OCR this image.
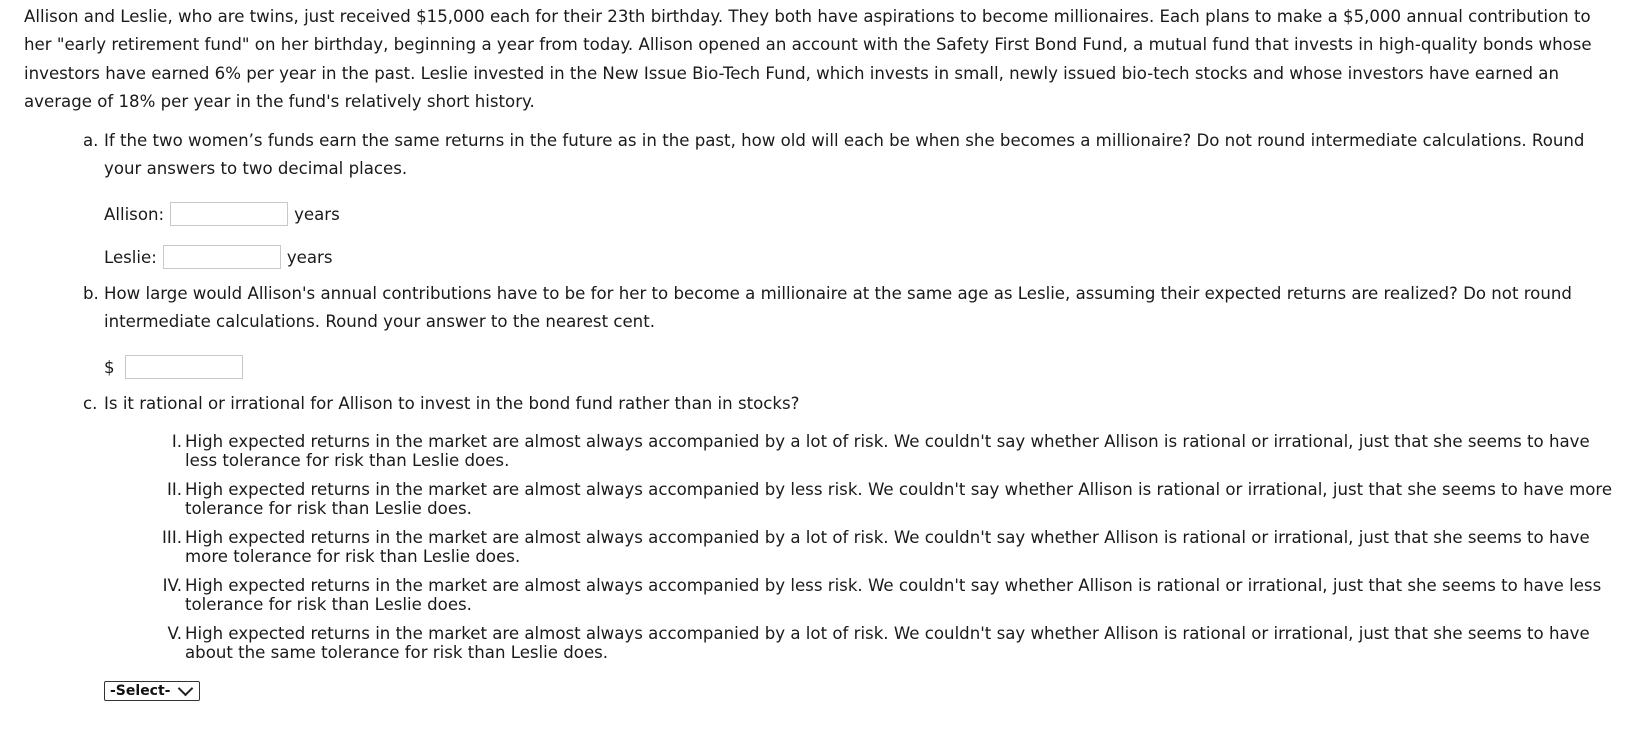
Allison and Leslie, who are twins, just received $15,000 each for their 23th birthday. They both have aspirations to become millionaires. Each plans to make a $5,000 annual contribution to her "early retirement fund" on her birthday, beginning a year from today. Allison opened an account with the Safety First Bond Fund, a mutual fund that invests in high-quality bonds whose investors have earned 6% per year in the past. Leslie invested in the New Issue Bio-Tech Fund, which invests in small, newly issued bio-tech stocks and whose investors have earned an average of 18% per year in the fund's relatively short history.

a. If the two women’s funds earn the same returns in the future as in the past, how old will each be when she becomes a millionaire? Do not round intermediate calculations. Round your answers to two decimal places.
Allison:	years
Leslie:	years
b. How large would Allison's annual contributions have to be for her to become a millionaire at the same age as Leslie, assuming their expected returns are realized? Do not round intermediate calculations. Round your answer to the nearest cent.
$
c. Is it rational or irrational for Allison to invest in the bond fund rather than in stocks?
I. High expected returns in the market are almost always accompanied by a lot of risk. We couldn't say whether Allison is rational or irrational, just that she seems to have less tolerance for risk than Leslie does.
II. High expected returns in the market are almost always accompanied by less risk. We couldn't say whether Allison is rational or irrational, just that she seems to have more tolerance for risk than Leslie does.
III. High expected returns in the market are almost always accompanied by a lot of risk. We couldn't say whether Allison is rational or irrational, just that she seems to have more tolerance for risk than Leslie does.
IV. High expected returns in the market are almost always accompanied by less risk. We couldn't say whether Allison is rational or irrational, just that she seems to have less tolerance for risk than Leslie does.
V. High expected returns in the market are almost always accompanied by a lot of risk. We couldn't say whether Allison is rational or irrational, just that she seems to have about the same tolerance for risk than Leslie does.
-Select-
